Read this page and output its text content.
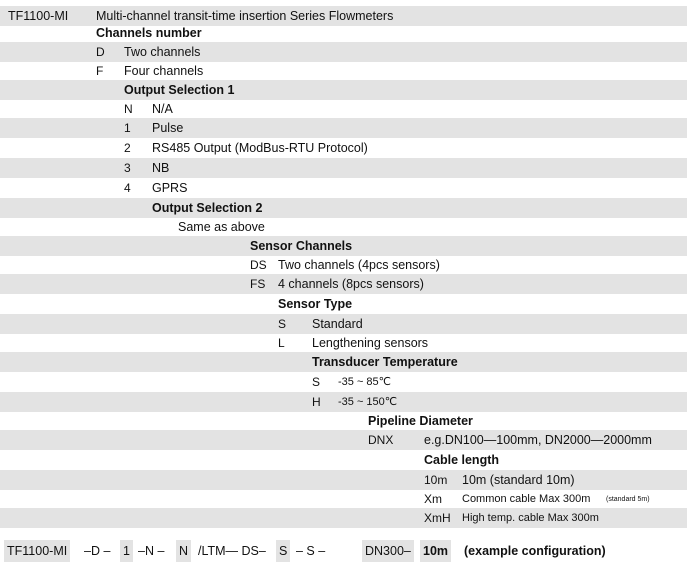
TF1100-MI Multi-channel transit-time insertion Series Flowmeters
Channels number
D Two channels
F Four channels
Output Selection 1
N N/A
1 Pulse
2 RS485 Output (ModBus-RTU Protocol)
3 NB
4 GPRS
Output Selection 2
Same as above
Sensor Channels
DS Two channels (4pcs sensors)
FS 4 channels (8pcs sensors)
Sensor Type
S Standard
L Lengthening sensors
Transducer Temperature
S -35 ~ 85℃
H -35 ~ 150℃
Pipeline Diameter
DNX e.g.DN100—100mm, DN2000—2000mm
Cable length
10m 10m (standard 10m)
Xm Common cable Max 300m (standard 5m)
XmH High temp. cable Max 300m
TF1100-MI –D – 1 –N – N /LTM— DS– S – S –	DN300– 10m (example configuration)
